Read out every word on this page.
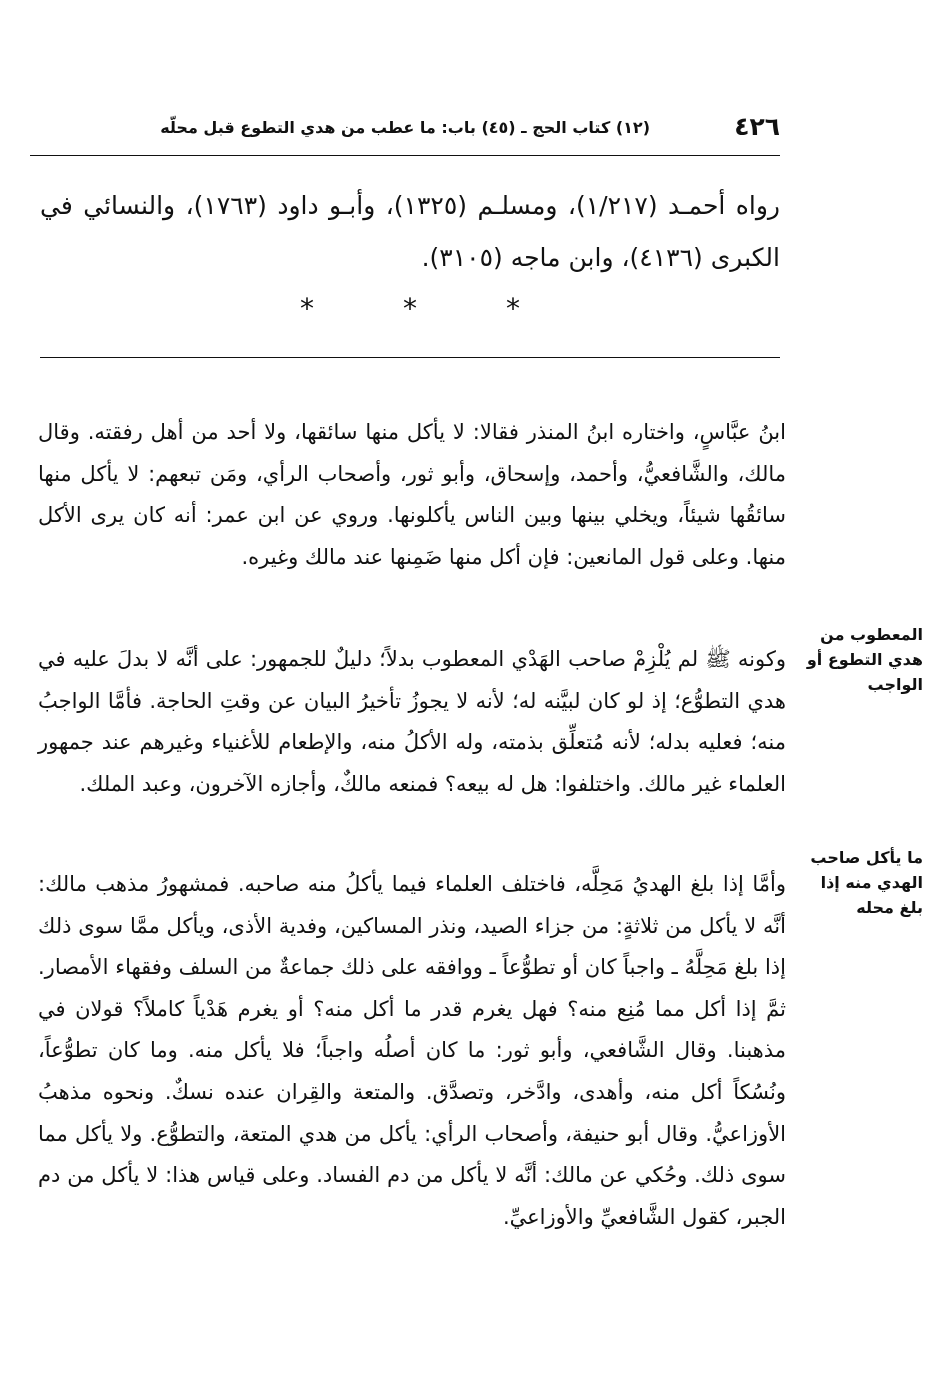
٤٢٦
(١٢) كتاب الحج ـ (٤٥) باب: ما عطب من هدي التطوع قبل محلّه
رواه أحمـد (١/٢١٧)، ومسلـم (١٣٢٥)، وأبـو داود (١٧٦٣)، والنسائي في الكبرى (٤١٣٦)، وابن ماجه (٣١٠٥).
*	*	*

ابنُ عبَّاسٍ، واختاره ابنُ المنذر فقالا: لا يأكل منها سائقها، ولا أحد من أهل رفقته. وقال مالك، والشَّافعيُّ، وأحمد، وإسحاق، وأبو ثور، وأصحاب الرأي، ومَن تبعهم: لا يأكل منها سائقُها شيئاً، ويخلي بينها وبين الناس يأكلونها. وروي عن ابن عمر: أنه كان يرى الأكل منها. وعلى قول المانعين: فإن أكل منها ضَمِنها عند مالك وغيره.

المعطوب من هدي التطوع أو الواجب

وكونه ﷺ لم يُلْزِمْ صاحب الهَدْي المعطوب بدلاً؛ دليلٌ للجمهور: على أنَّه لا بدلَ عليه في هدي التطوُّع؛ إذ لو كان لبيَّنه له؛ لأنه لا يجوزُ تأخيرُ البيان عن وقتِ الحاجة. فأمَّا الواجبُ منه؛ فعليه بدله؛ لأنه مُتعلِّق بذمته، وله الأكلُ منه، والإطعام للأغنياء وغيرهم عند جمهور العلماء غير مالك. واختلفوا: هل له بيعه؟ فمنعه مالكٌ، وأجازه الآخرون، وعبد الملك.

ما يأكل صاحب الهدي منه إذا بلغ محله

وأمَّا إذا بلغ الهديُ مَحِلَّه، فاختلف العلماء فيما يأكلُ منه صاحبه. فمشهورُ مذهب مالك: أنَّه لا يأكل من ثلاثةٍ: من جزاء الصيد، ونذر المساكين، وفدية الأذى، ويأكل ممَّا سوى ذلك إذا بلغ مَحِلَّهُ ـ واجباً كان أو تطوُّعاً ـ ووافقه على ذلك جماعةٌ من السلف وفقهاء الأمصار. ثمَّ إذا أكل مما مُنِع منه؟ فهل يغرم قدر ما أكل منه؟ أو يغرم هَدْياً كاملاً؟ قولان في مذهبنا. وقال الشَّافعي، وأبو ثور: ما كان أصلُه واجباً؛ فلا يأكل منه. وما كان تطوُّعاً، ونُسُكاً أكل منه، وأهدى، وادَّخر، وتصدَّق. والمتعة والقِران عنده نسكٌ. ونحوه مذهبُ الأوزاعيُّ. وقال أبو حنيفة، وأصحاب الرأي: يأكل من هدي المتعة، والتطوُّع. ولا يأكل مما سوى ذلك. وحُكي عن مالك: أنَّه لا يأكل من دم الفساد. وعلى قياس هذا: لا يأكل من دم الجبر، كقول الشَّافعيِّ والأوزاعيِّ.
